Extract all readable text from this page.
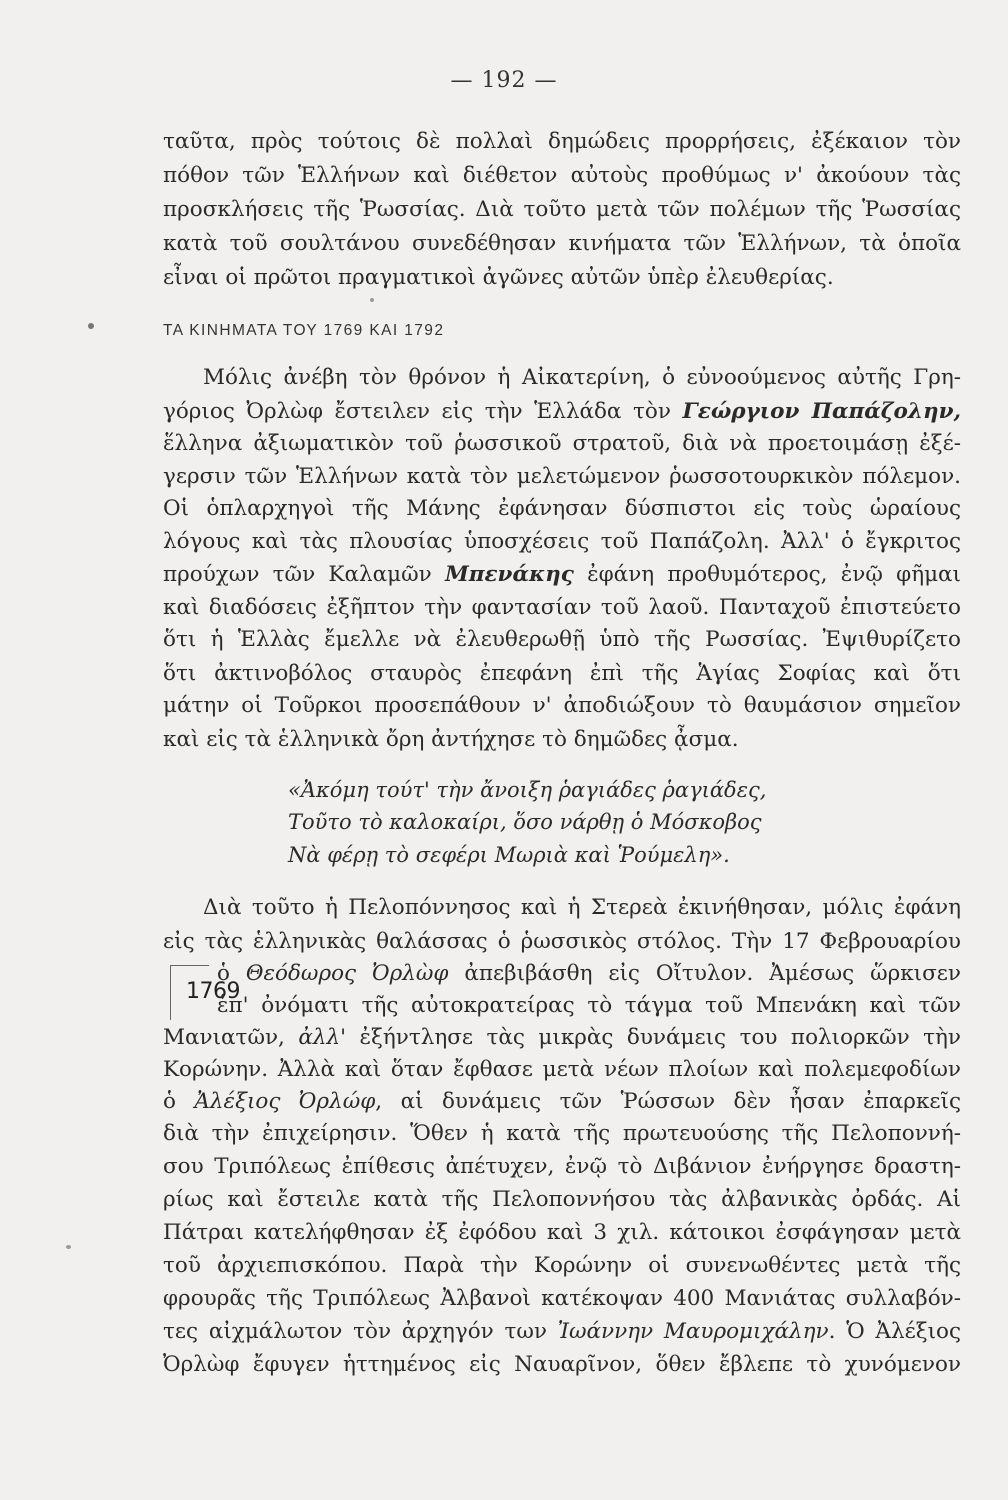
— 192 —
ταῦτα, πρὸς τούτοις δὲ πολλαὶ δημώδεις προρρήσεις, ἐξέκαιον τὸν
πόθον τῶν Ἑλλήνων καὶ διέθετον αὐτοὺς προθύμως ν' ἀκούουν τὰς
προσκλήσεις τῆς Ῥωσσίας. Διὰ τοῦτο μετὰ τῶν πολέμων τῆς Ῥωσσίας
κατὰ τοῦ σουλτάνου συνεδέθησαν κινήματα τῶν Ἑλλήνων, τὰ ὁποῖα
εἶναι οἱ πρῶτοι πραγματικοὶ ἀγῶνες αὐτῶν ὑπὲρ ἐλευθερίας.
ΤΑ ΚΙΝΗΜΑΤΑ ΤΟΥ 1769 ΚΑΙ 1792
Μόλις ἀνέβη τὸν θρόνον ἡ Αἰκατερίνη, ὁ εὐνοούμενος αὐτῆς Γρη-
γόριος Ὀρλὼφ ἔστειλεν εἰς τὴν Ἑλλάδα τὸν Γεώργιον Παπάζολην,
ἕλληνα ἀξιωματικὸν τοῦ ῥωσσικοῦ στρατοῦ, διὰ νὰ προετοιμάσῃ ἐξέ-
γερσιν τῶν Ἑλλήνων κατὰ τὸν μελετώμενον ῥωσσοτουρκικὸν πόλεμον.
Οἱ ὁπλαρχηγοὶ τῆς Μάνης ἐφάνησαν δύσπιστοι εἰς τοὺς ὡραίους
λόγους καὶ τὰς πλουσίας ὑποσχέσεις τοῦ Παπάζολη. Ἀλλ' ὁ ἔγκριτος
προύχων τῶν Καλαμῶν Μπενάκης ἐφάνη προθυμότερος, ἐνῷ φῆμαι
καὶ διαδόσεις ἐξῆπτον τὴν φαντασίαν τοῦ λαοῦ. Πανταχοῦ ἐπιστεύετο
ὅτι ἡ Ἑλλὰς ἔμελλε νὰ ἐλευθερωθῇ ὑπὸ τῆς Ρωσσίας. Ἐψιθυρίζετο
ὅτι ἀκτινοβόλος σταυρὸς ἐπεφάνη ἐπὶ τῆς Ἁγίας Σοφίας καὶ ὅτι
μάτην οἱ Τοῦρκοι προσεπάθουν ν' ἀποδιώξουν τὸ θαυμάσιον σημεῖον
καὶ εἰς τὰ ἑλληνικὰ ὄρη ἀντήχησε τὸ δημῶδες ᾆσμα.
«Ἀκόμη τούτ' τὴν ἄνοιξη ῥαγιάδες ῥαγιάδες,
Τοῦτο τὸ καλοκαίρι, ὅσο νάρθῃ ὁ Μόσκοβος
Νὰ φέρῃ τὸ σεφέρι Μωριὰ καὶ Ῥούμελη».
Διὰ τοῦτο ἡ Πελοπόννησος καὶ ἡ Στερεὰ ἐκινήθησαν, μόλις ἐφάνη
εἰς τὰς ἑλληνικὰς θαλάσσας ὁ ῥωσσικὸς στόλος. Τὴν 17 Φεβρουαρίου
1769
ὁ Θεόδωρος Ὀρλὼφ ἀπεβιβάσθη εἰς Οἴτυλον. Ἀμέσως ὥρκισεν
ἐπ' ὀνόματι τῆς αὐτοκρατείρας τὸ τάγμα τοῦ Μπενάκη καὶ τῶν
Μανιατῶν, ἀλλ' ἐξήντλησε τὰς μικρὰς δυνάμεις του πολιορκῶν τὴν
Κορώνην. Ἀλλὰ καὶ ὅταν ἔφθασε μετὰ νέων πλοίων καὶ πολεμεφοδίων
ὁ Ἀλέξιος Ὀρλώφ, αἱ δυνάμεις τῶν Ῥώσσων δὲν ἦσαν ἐπαρκεῖς
διὰ τὴν ἐπιχείρησιν. Ὅθεν ἡ κατὰ τῆς πρωτευούσης τῆς Πελοποννή-
σου Τριπόλεως ἐπίθεσις ἀπέτυχεν, ἐνῷ τὸ Διβάνιον ἐνήργησε δραστη-
ρίως καὶ ἔστειλε κατὰ τῆς Πελοποννήσου τὰς ἀλβανικὰς ὀρδάς. Αἱ
Πάτραι κατελήφθησαν ἐξ ἐφόδου καὶ 3 χιλ. κάτοικοι ἐσφάγησαν μετὰ
τοῦ ἀρχιεπισκόπου. Παρὰ τὴν Κορώνην οἱ συνενωθέντες μετὰ τῆς
φρουρᾶς τῆς Τριπόλεως Ἀλβανοὶ κατέκοψαν 400 Μανιάτας συλλαβόν-
τες αἰχμάλωτον τὸν ἀρχηγόν των Ἰωάννην Μαυρομιχάλην. Ὁ Ἀλέξιος
Ὀρλὼφ ἔφυγεν ἡττημένος εἰς Ναυαρῖνον, ὅθεν ἔβλεπε τὸ χυνόμενον
